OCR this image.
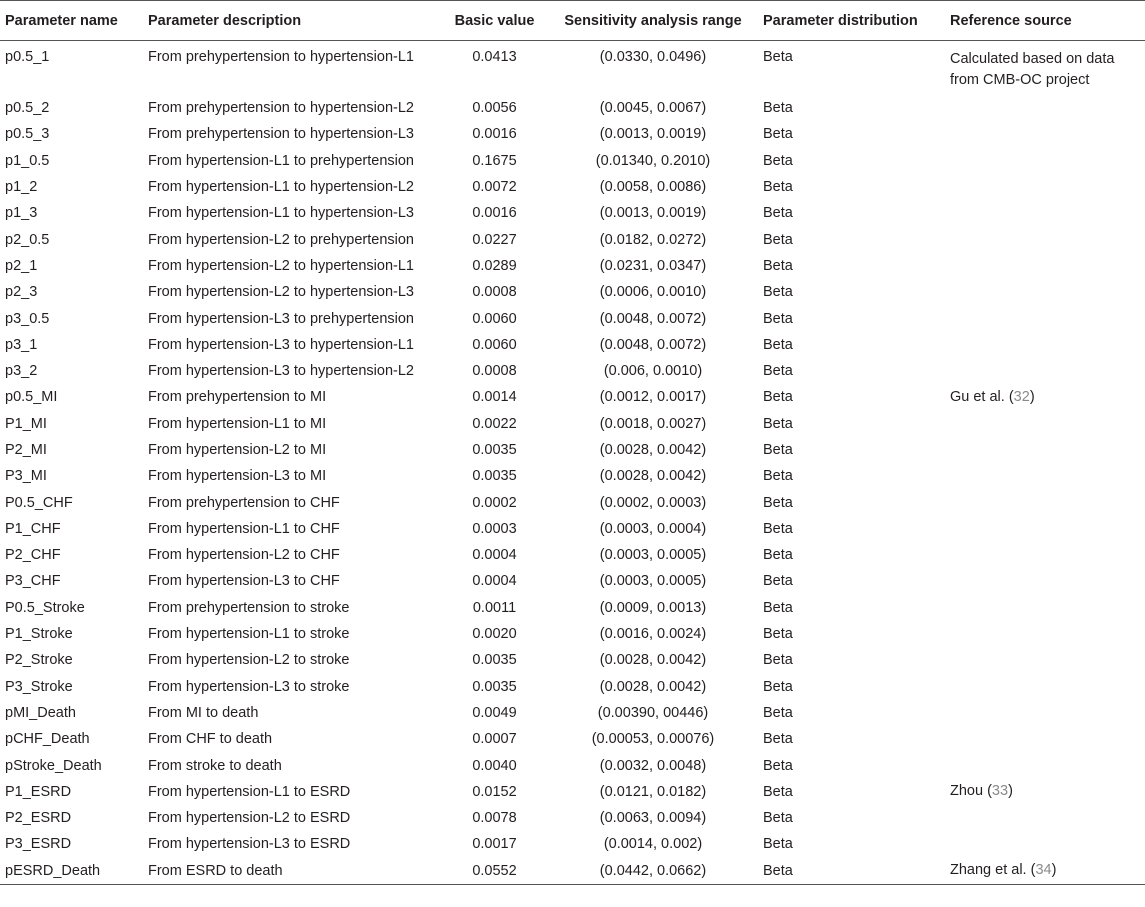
Parameter name	Parameter description	Basic value	Sensitivity analysis range	Parameter distribution	Reference source
p0.5_1	From prehypertension to hypertension-L1	0.0413	(0.0330, 0.0496)	Beta	Calculated based on data from CMB-OC project
p0.5_2	From prehypertension to hypertension-L2	0.0056	(0.0045, 0.0067)	Beta	
p0.5_3	From prehypertension to hypertension-L3	0.0016	(0.0013, 0.0019)	Beta	
p1_0.5	From hypertension-L1 to prehypertension	0.1675	(0.01340, 0.2010)	Beta	
p1_2	From hypertension-L1 to hypertension-L2	0.0072	(0.0058, 0.0086)	Beta	
p1_3	From hypertension-L1 to hypertension-L3	0.0016	(0.0013, 0.0019)	Beta	
p2_0.5	From hypertension-L2 to prehypertension	0.0227	(0.0182, 0.0272)	Beta	
p2_1	From hypertension-L2 to hypertension-L1	0.0289	(0.0231, 0.0347)	Beta	
p2_3	From hypertension-L2 to hypertension-L3	0.0008	(0.0006, 0.0010)	Beta	
p3_0.5	From hypertension-L3 to prehypertension	0.0060	(0.0048, 0.0072)	Beta	
p3_1	From hypertension-L3 to hypertension-L1	0.0060	(0.0048, 0.0072)	Beta	
p3_2	From hypertension-L3 to hypertension-L2	0.0008	(0.006, 0.0010)	Beta	
p0.5_MI	From prehypertension to MI	0.0014	(0.0012, 0.0017)	Beta	Gu et al. (32)
P1_MI	From hypertension-L1 to MI	0.0022	(0.0018, 0.0027)	Beta	
P2_MI	From hypertension-L2 to MI	0.0035	(0.0028, 0.0042)	Beta	
P3_MI	From hypertension-L3 to MI	0.0035	(0.0028, 0.0042)	Beta	
P0.5_CHF	From prehypertension to CHF	0.0002	(0.0002, 0.0003)	Beta	
P1_CHF	From hypertension-L1 to CHF	0.0003	(0.0003, 0.0004)	Beta	
P2_CHF	From hypertension-L2 to CHF	0.0004	(0.0003, 0.0005)	Beta	
P3_CHF	From hypertension-L3 to CHF	0.0004	(0.0003, 0.0005)	Beta	
P0.5_Stroke	From prehypertension to stroke	0.0011	(0.0009, 0.0013)	Beta	
P1_Stroke	From hypertension-L1 to stroke	0.0020	(0.0016, 0.0024)	Beta	
P2_Stroke	From hypertension-L2 to stroke	0.0035	(0.0028, 0.0042)	Beta	
P3_Stroke	From hypertension-L3 to stroke	0.0035	(0.0028, 0.0042)	Beta	
pMI_Death	From MI to death	0.0049	(0.00390, 00446)	Beta	
pCHF_Death	From CHF to death	0.0007	(0.00053, 0.00076)	Beta	
pStroke_Death	From stroke to death	0.0040	(0.0032, 0.0048)	Beta	
P1_ESRD	From hypertension-L1 to ESRD	0.0152	(0.0121, 0.0182)	Beta	Zhou (33)
P2_ESRD	From hypertension-L2 to ESRD	0.0078	(0.0063, 0.0094)	Beta	
P3_ESRD	From hypertension-L3 to ESRD	0.0017	(0.0014, 0.002)	Beta	
pESRD_Death	From ESRD to death	0.0552	(0.0442, 0.0662)	Beta	Zhang et al. (34)
